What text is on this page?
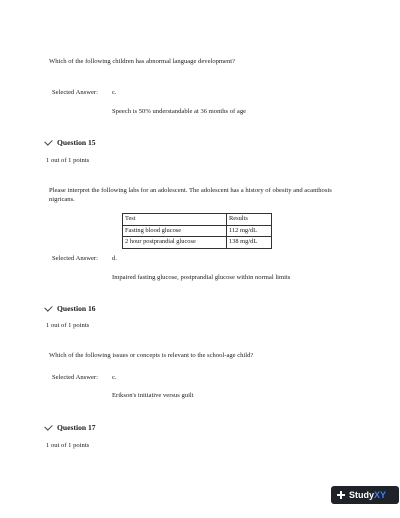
Which of the following children has abnormal language development?
Selected Answer: c.
Speech is 50% understandable at 36 months of age
Question 15
1 out of 1 points
Please interpret the following labs for an adolescent. The adolescent has a history of obesity and acanthosis nigricans.
Test	Results
Fasting blood glucose	112 mg/dL
2 hour postprandial glucose	138 mg/dL
Selected Answer: d.
Impaired fasting glucose, postprandial glucose within normal limits
Question 16
1 out of 1 points
Which of the following issues or concepts is relevant to the school-age child?
Selected Answer: c.
Erikson's initiative versus guilt
Question 17
1 out of 1 points
StudyXY
